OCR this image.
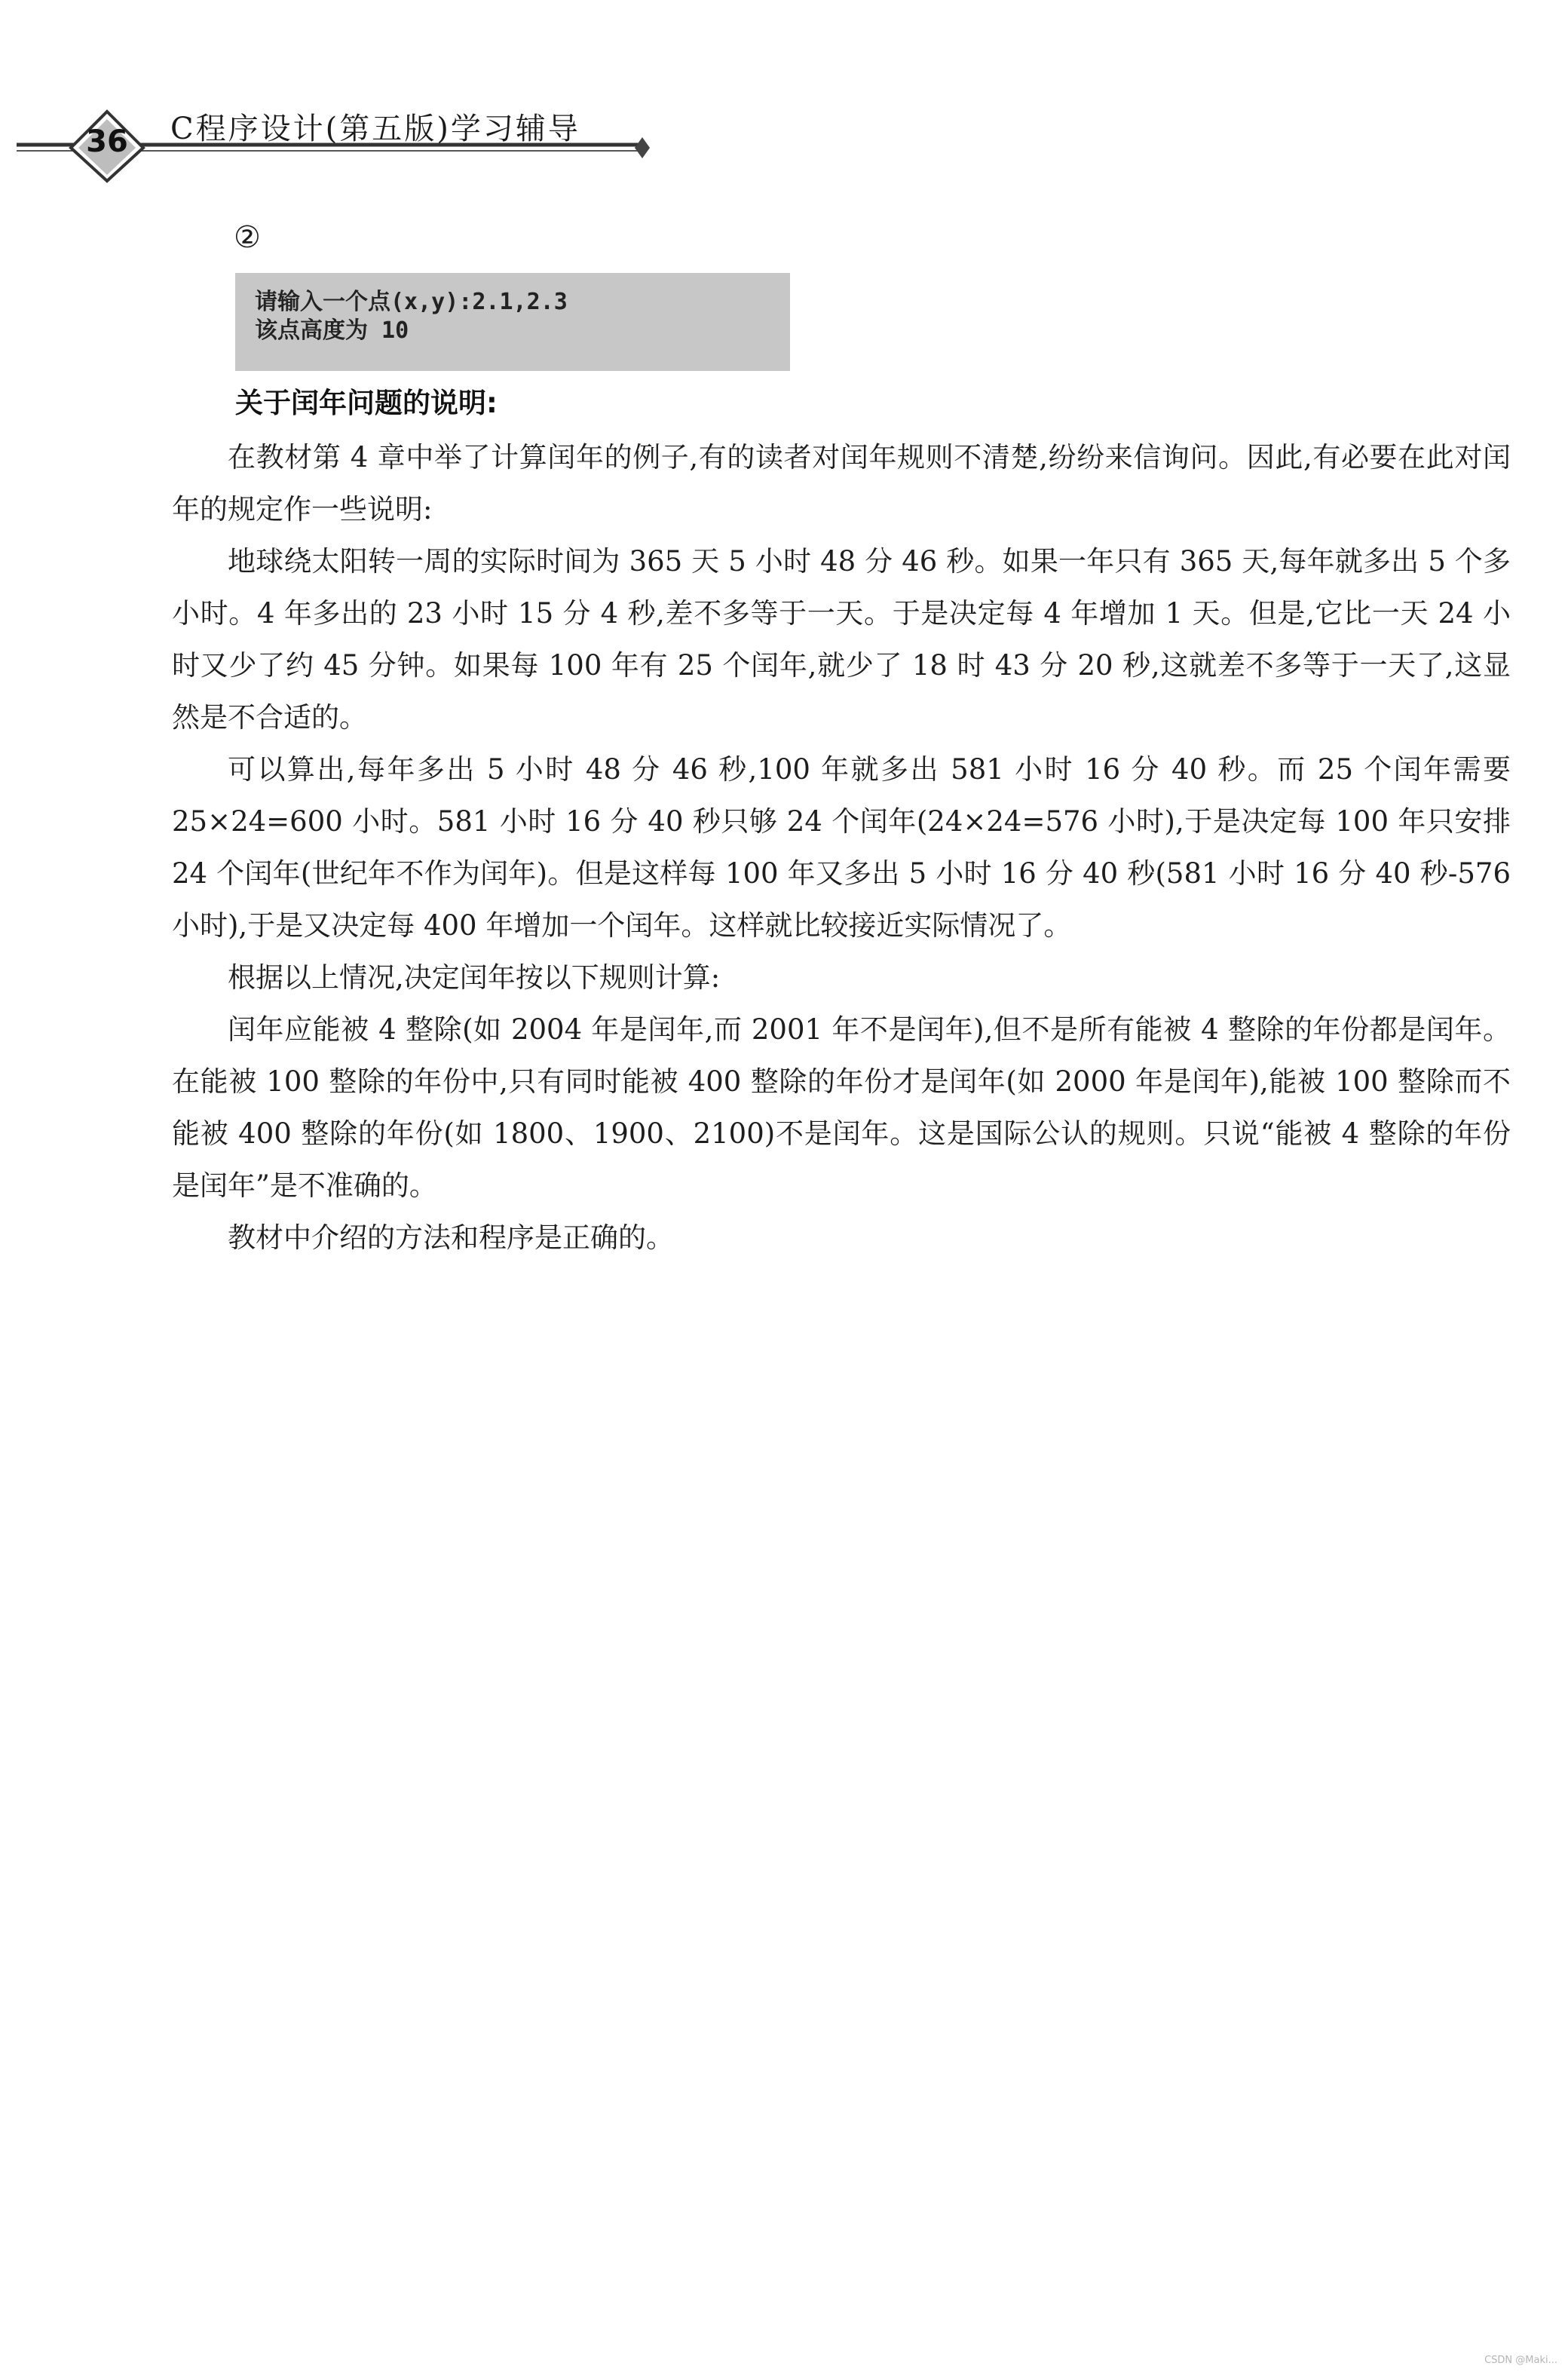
36	C程序设计(第五版)学习辅导
②
请输入一个点(x,y):2.1,2.3
该点高度为 10
关于闰年问题的说明:

在教材第 4 章中举了计算闰年的例子,有的读者对闰年规则不清楚,纷纷来信询问。因此,有必要在此对闰年的规定作一些说明:

地球绕太阳转一周的实际时间为 365 天 5 小时 48 分 46 秒。如果一年只有 365 天,每年就多出 5 个多小时。4 年多出的 23 小时 15 分 4 秒,差不多等于一天。于是决定每 4 年增加 1 天。但是,它比一天 24 小时又少了约 45 分钟。如果每 100 年有 25 个闰年,就少了 18 时 43 分 20 秒,这就差不多等于一天了,这显然是不合适的。

可以算出,每年多出 5 小时 48 分 46 秒,100 年就多出 581 小时 16 分 40 秒。而 25 个闰年需要 25×24=600 小时。581 小时 16 分 40 秒只够 24 个闰年(24×24=576 小时),于是决定每 100 年只安排 24 个闰年(世纪年不作为闰年)。但是这样每 100 年又多出 5 小时 16 分 40 秒(581 小时 16 分 40 秒-576 小时),于是又决定每 400 年增加一个闰年。这样就比较接近实际情况了。

根据以上情况,决定闰年按以下规则计算:

闰年应能被 4 整除(如 2004 年是闰年,而 2001 年不是闰年),但不是所有能被 4 整除的年份都是闰年。在能被 100 整除的年份中,只有同时能被 400 整除的年份才是闰年(如 2000 年是闰年),能被 100 整除而不能被 400 整除的年份(如 1800、1900、2100)不是闰年。这是国际公认的规则。只说“能被 4 整除的年份是闰年”是不准确的。

教材中介绍的方法和程序是正确的。

CSDN @Maki...
